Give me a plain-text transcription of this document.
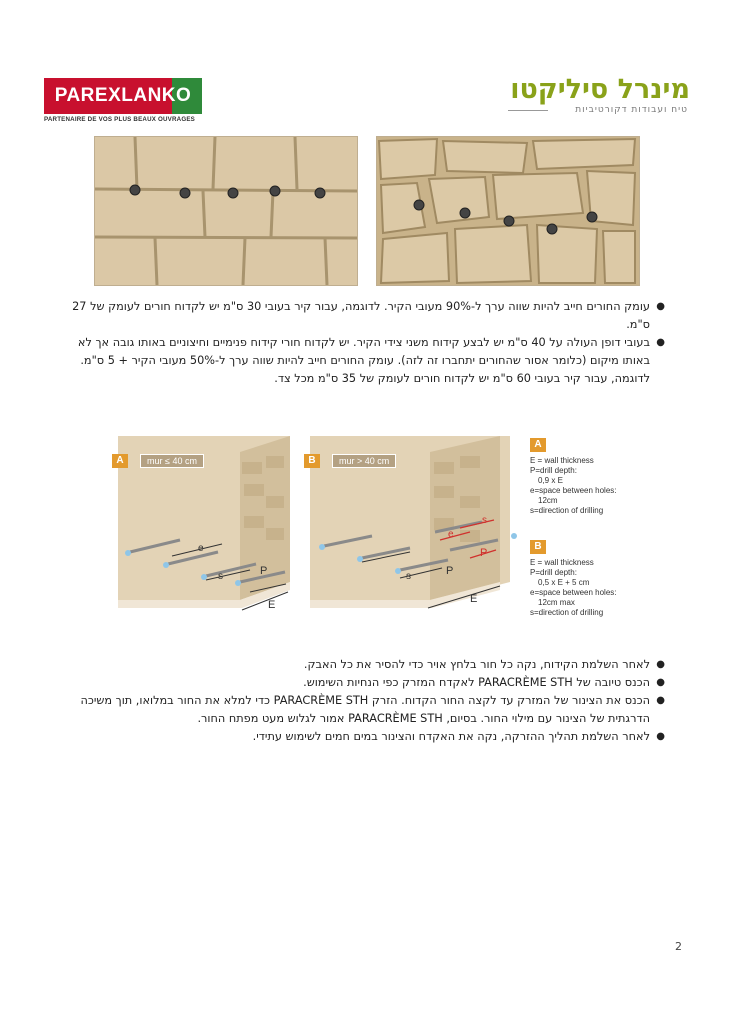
PAREXLANKO
PARTENAIRE DE VOS PLUS BEAUX OUVRAGES
מינרל סיליקטו
טיח ועבודות דקורטיביות
●
עומק החורים חייב להיות שווה ערך ל-90% מעובי הקיר. לדוגמה, עבור קיר בעובי 30 ס"מ יש לקדוח חורים לעומק של 27 ס"מ.
●
בעובי דופן העולה על 40 ס"מ יש לבצע קידוח משני צידי הקיר. יש לקדוח חורי קידוח פנימיים וחיצוניים באותו גובה אך לא באותו מיקום (כלומר אסור שהחורים יתחברו זה לזה). עומק החורים חייב להיות שווה ערך ל-50% מעובי הקיר + 5 ס"מ. לדוגמה, עבור קיר בעובי 60 ס"מ יש לקדוח חורים לעומק של 35 ס"מ מכל צד.
A	mur ≤ 40 cm	B	mur > 40 cm
e
s	P
E
e
s
P
s	P
E
A
E = wall thickness
P=drill depth:
0,9 x E
e=space between holes:
12cm
s=direction of drilling
B
E = wall thickness
P=drill depth:
0,5 x E + 5 cm
e=space between holes:
12cm max
s=direction of drilling
●
לאחר השלמת הקידוח, נקה כל חור בלחץ אויר כדי להסיר את כל האבק.
●
הכנס טיובה של PARACRÈME STH לאקדח המזרק כפי הנחיות השימוש.
●
הכנס את הצינור של המזרק עד לקצה החור הקדוח. הזרק PARACRÈME STH כדי למלא את החור במלואו, תוך משיכה הדרגתית של הצינור עם מילוי החור. בסיום, PARACRÈME STH אמור לגלוש מעט מפתח החור.
●
לאחר השלמת תהליך ההזרקה, נקה את האקדח והצינור במים חמים לשימוש עתידי.
2
